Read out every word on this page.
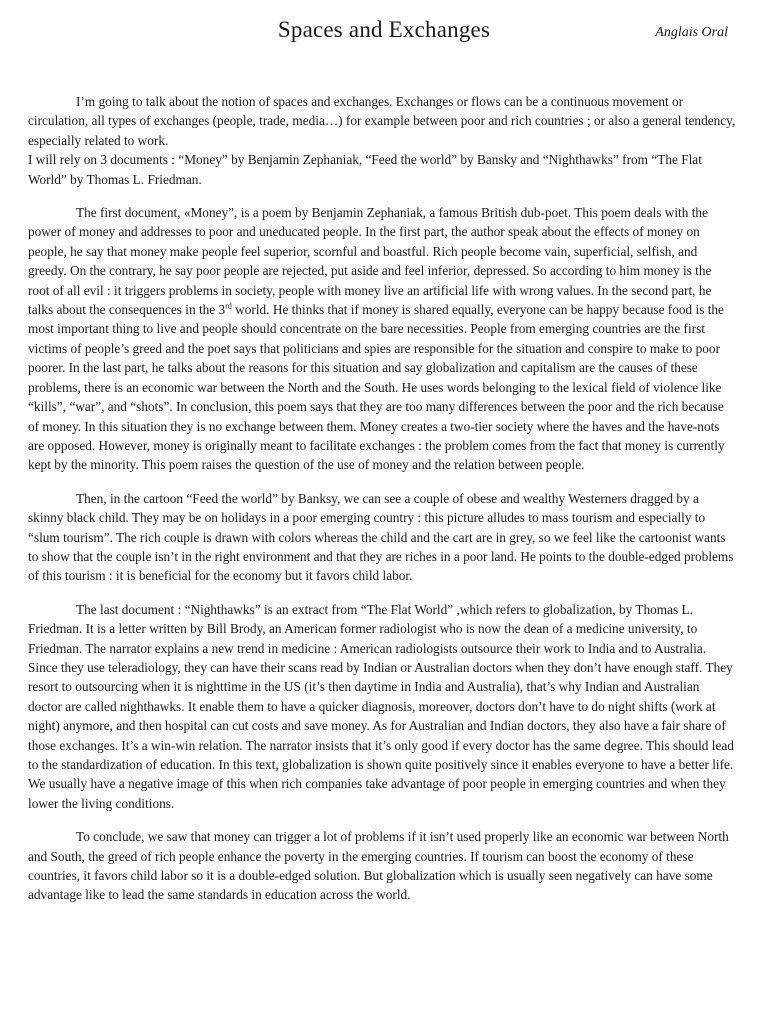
Spaces and Exchanges	Anglais Oral

I’m going to talk about the notion of spaces and exchanges. Exchanges or flows can be a continuous movement or circulation, all types of exchanges (people, trade, media…) for example between poor and rich countries ; or also a general tendency, especially related to work.

I will rely on 3 documents : “Money” by Benjamin Zephaniak, “Feed the world” by Bansky and “Nighthawks” from “The Flat World” by Thomas L. Friedman.

The first document, «Money”, is a poem by Benjamin Zephaniak, a famous British dub-poet. This poem deals with the power of money and addresses to poor and uneducated people. In the first part, the author speak about the effects of money on people, he say that money make people feel superior, scornful and boastful. Rich people become vain, superficial, selfish, and greedy. On the contrary, he say poor people are rejected, put aside and feel inferior, depressed. So according to him money is the root of all evil : it triggers problems in society, people with money live an artificial life with wrong values. In the second part, he talks about the consequences in the 3rd world. He thinks that if money is shared equally, everyone can be happy because food is the most important thing to live and people should concentrate on the bare necessities. People from emerging countries are the first victims of people’s greed and the poet says that politicians and spies are responsible for the situation and conspire to make to poor poorer. In the last part, he talks about the reasons for this situation and say globalization and capitalism are the causes of these problems, there is an economic war between the North and the South. He uses words belonging to the lexical field of violence like “kills”, “war”, and “shots”. In conclusion, this poem says that they are too many differences between the poor and the rich because of money. In this situation they is no exchange between them. Money creates a two-tier society where the haves and the have-nots are opposed. However, money is originally meant to facilitate exchanges : the problem comes from the fact that money is currently kept by the minority. This poem raises the question of the use of money and the relation between people.

Then, in the cartoon “Feed the world” by Banksy, we can see a couple of obese and wealthy Westerners dragged by a skinny black child. They may be on holidays in a poor emerging country : this picture alludes to mass tourism and especially to “slum tourism”. The rich couple is drawn with colors whereas the child and the cart are in grey, so we feel like the cartoonist wants to show that the couple isn’t in the right environment and that they are riches in a poor land. He points to the double-edged problems of this tourism : it is beneficial for the economy but it favors child labor.

The last document : “Nighthawks” is an extract from “The Flat World” ,which refers to globalization, by Thomas L. Friedman. It is a letter written by Bill Brody, an American former radiologist who is now the dean of a medicine university, to Friedman. The narrator explains a new trend in medicine : American radiologists outsource their work to India and to Australia. Since they use teleradiology, they can have their scans read by Indian or Australian doctors when they don’t have enough staff. They resort to outsourcing when it is nighttime in the US (it’s then daytime in India and Australia), that’s why Indian and Australian doctor are called nighthawks. It enable them to have a quicker diagnosis, moreover, doctors don’t have to do night shifts (work at night) anymore, and then hospital can cut costs and save money. As for Australian and Indian doctors, they also have a fair share of those exchanges. It’s a win-win relation. The narrator insists that it’s only good if every doctor has the same degree. This should lead to the standardization of education. In this text, globalization is shown quite positively since it enables everyone to have a better life. We usually have a negative image of this when rich companies take advantage of poor people in emerging countries and when they lower the living conditions.

To conclude, we saw that money can trigger a lot of problems if it isn’t used properly like an economic war between North and South, the greed of rich people enhance the poverty in the emerging countries. If tourism can boost the economy of these countries, it favors child labor so it is a double-edged solution. But globalization which is usually seen negatively can have some advantage like to lead the same standards in education across the world.
